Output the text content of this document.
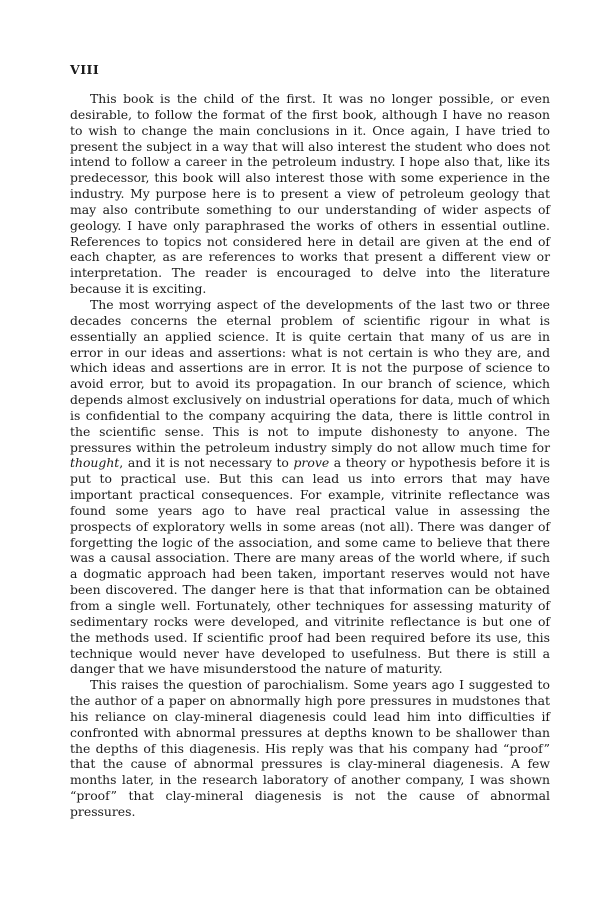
VIII

This book is the child of the first. It was no longer possible, or even desirable, to follow the format of the first book, although I have no reason to wish to change the main conclusions in it. Once again, I have tried to present the subject in a way that will also interest the student who does not intend to follow a career in the petroleum industry. I hope also that, like its predecessor, this book will also interest those with some experience in the industry. My purpose here is to present a view of petroleum geology that may also contribute something to our understanding of wider aspects of geology. I have only paraphrased the works of others in essential outline. References to topics not considered here in detail are given at the end of each chapter, as are references to works that present a different view or interpretation. The reader is encouraged to delve into the literature because it is exciting.

The most worrying aspect of the developments of the last two or three decades concerns the eternal problem of scientific rigour in what is essentially an applied science. It is quite certain that many of us are in error in our ideas and assertions: what is not certain is who they are, and which ideas and assertions are in error. It is not the purpose of science to avoid error, but to avoid its propagation. In our branch of science, which depends almost exclusively on industrial operations for data, much of which is confidential to the company acquiring the data, there is little control in the scientific sense. This is not to impute dishonesty to anyone. The pressures within the petroleum industry simply do not allow much time for thought, and it is not necessary to prove a theory or hypothesis before it is put to practical use. But this can lead us into errors that may have important practical consequences. For example, vitrinite reflectance was found some years ago to have real practical value in assessing the prospects of exploratory wells in some areas (not all). There was danger of forgetting the logic of the association, and some came to believe that there was a causal association. There are many areas of the world where, if such a dogmatic approach had been taken, important reserves would not have been discovered. The danger here is that that information can be obtained from a single well. Fortunately, other techniques for assessing maturity of sedimentary rocks were developed, and vitrinite reflectance is but one of the methods used. If scientific proof had been required before its use, this technique would never have developed to usefulness. But there is still a danger that we have misunderstood the nature of maturity.

This raises the question of parochialism. Some years ago I suggested to the author of a paper on abnormally high pore pressures in mudstones that his reliance on clay-mineral diagenesis could lead him into difficulties if confronted with abnormal pressures at depths known to be shallower than the depths of this diagenesis. His reply was that his company had “proof” that the cause of abnormal pressures is clay-mineral diagenesis. A few months later, in the research laboratory of another company, I was shown “proof” that clay-mineral diagenesis is not the cause of abnormal pressures.
